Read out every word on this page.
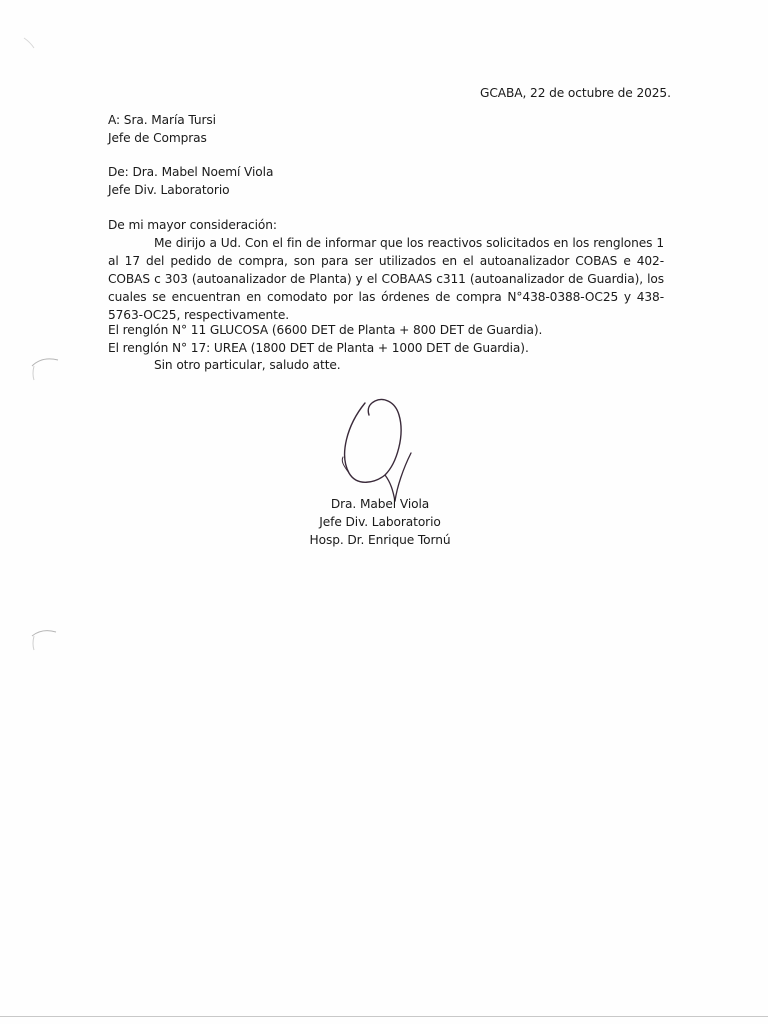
GCABA, 22 de octubre de 2025.
A: Sra. María Tursi
Jefe de Compras
De: Dra. Mabel Noemí Viola
Jefe Div. Laboratorio
De mi mayor consideración:
Me dirijo a Ud. Con el fin de informar que los reactivos solicitados en los renglones 1 al 17 del pedido de compra, son para ser utilizados en el autoanalizador COBAS e 402-COBAS c 303 (autoanalizador de Planta) y el COBAAS c311 (autoanalizador de Guardia), los cuales se encuentran en comodato por las órdenes de compra N°438-0388-OC25 y 438-5763-OC25, respectivamente.
El renglón N° 11 GLUCOSA (6600 DET de Planta + 800 DET de Guardia).
El renglón N° 17: UREA (1800 DET de Planta + 1000 DET de Guardia).
Sin otro particular, saludo atte.
Dra. Mabel Viola
Jefe Div. Laboratorio
Hosp. Dr. Enrique Tornú
